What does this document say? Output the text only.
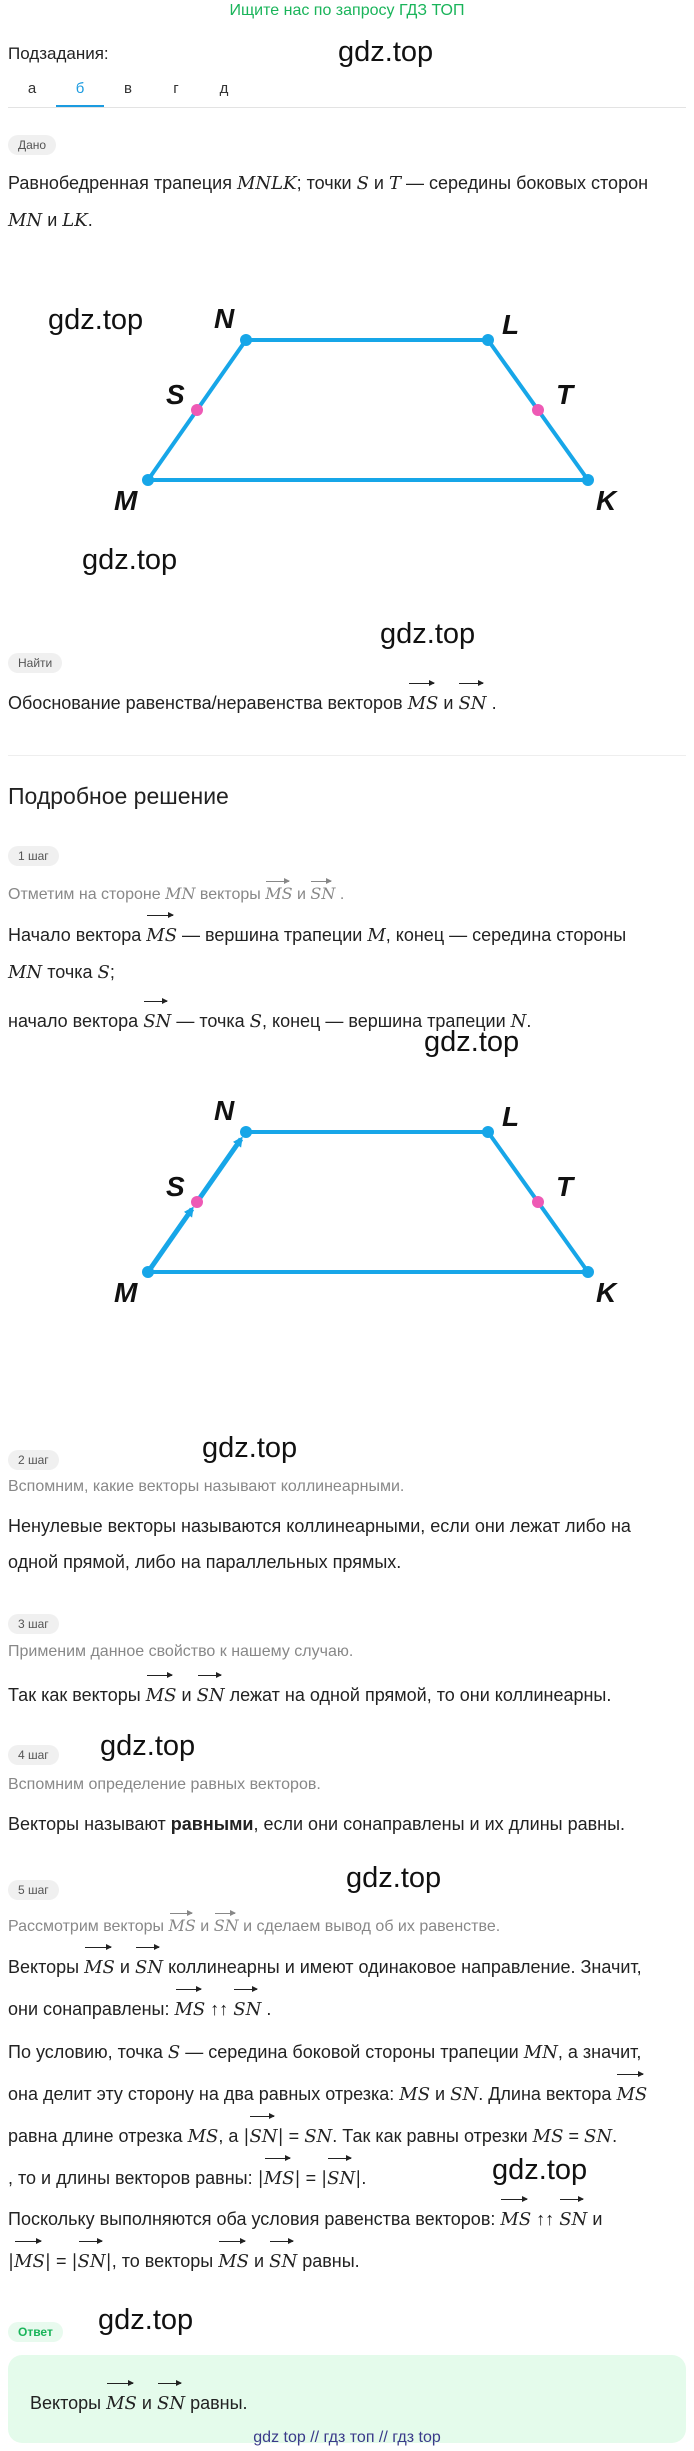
Ищите нас по запросу ГДЗ ТОП
gdz.top
Подзадания:
а	б	в	г	д
Дано
Равнобедренная трапеция MNLK; точки S и T — середины боковых сторон
MN и LK.
N	L
S	T
M	K
gdz.top
gdz.top
gdz.top
Найти
Обоснование равенства/неравенства векторов MS и SN .
Подробное решение
1 шаг
Отметим на стороне MN векторы MS и SN .
Начало вектора MS — вершина трапеции M, конец — середина стороны
MN точка S;
начало вектора SN — точка S, конец — вершина трапеции N.
gdz.top
N	L
S	T
M	K
2 шаг	gdz.top
Вспомним, какие векторы называют коллинеарными.
Ненулевые векторы называются коллинеарными, если они лежат либо на
одной прямой, либо на параллельных прямых.
3 шаг
Применим данное свойство к нашему случаю.
Так как векторы MS и SN лежат на одной прямой, то они коллинеарны.
4 шаг	gdz.top
Вспомним определение равных векторов.
Векторы называют равными, если они сонаправлены и их длины равны.
5 шаг	gdz.top
Рассмотрим векторы MS и SN и сделаем вывод об их равенстве.
Векторы MS и SN коллинеарны и имеют одинаковое направление. Значит,
они сонаправлены: MS ↑↑ SN .
По условию, точка S — середина боковой стороны трапеции MN, а значит,
она делит эту сторону на два равных отрезка: MS и SN. Длина вектора MS
равна длине отрезка MS, а |SN| = SN. Так как равны отрезки MS = SN.
, то и длины векторов равны: |MS| = |SN|.	gdz.top
Поскольку выполняются оба условия равенства векторов: MS ↑↑ SN и
|MS| = |SN|, то векторы MS и SN равны.
Ответ	gdz.top
Векторы MS и SN равны.
gdz top // гдз топ // гдз top
